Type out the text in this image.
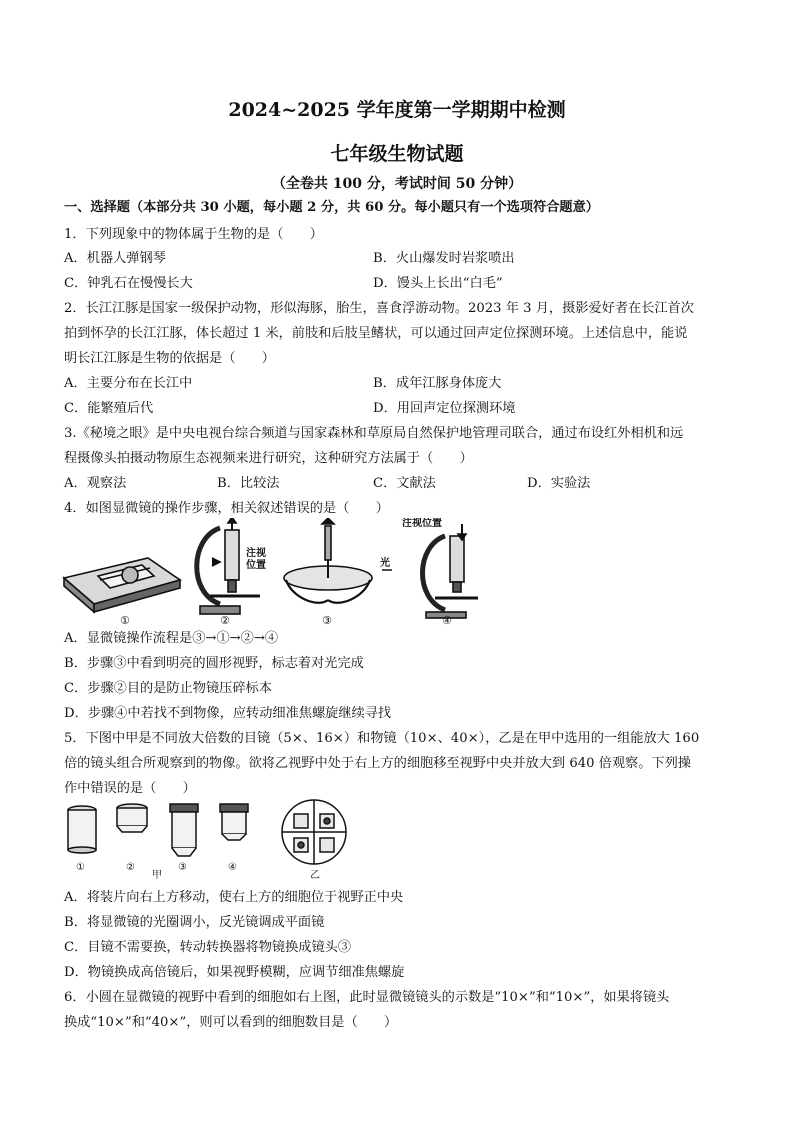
2024~2025 学年度第一学期期中检测
七年级生物试题
（全卷共 100 分，考试时间 50 分钟）
一、选择题（本部分共 30 小题，每小题 2 分，共 60 分。每小题只有一个选项符合题意）
1．下列现象中的物体属于生物的是（　　）
A．机器人弹钢琴	B．火山爆发时岩浆喷出
C．钟乳石在慢慢长大	D．馒头上长出“白毛”
2．长江江豚是国家一级保护动物，形似海豚，胎生，喜食浮游动物。2023 年 3 月，摄影爱好者在长江首次
拍到怀孕的长江江豚，体长超过 1 米，前肢和后肢呈鳍状，可以通过回声定位探测环境。上述信息中，能说
明长江江豚是生物的依据是（　　）
A．主要分布在长江中	B．成年江豚身体庞大
C．能繁殖后代	D．用回声定位探测环境
3.《秘境之眼》是中央电视台综合频道与国家森林和草原局自然保护地管理司联合，通过布设红外相机和远
程摄像头拍摄动物原生态视频来进行研究，这种研究方法属于（　　）
A．观察法	B．比较法	C．文献法	D．实验法
4．如图显微镜的操作步骤，相关叙述错误的是（　　）
注视位置
注视
位置	光
①	②	③	④
A．显微镜操作流程是③→①→②→④
B．步骤③中看到明亮的圆形视野，标志着对光完成
C．步骤②目的是防止物镜压碎标本
D．步骤④中若找不到物像，应转动细准焦螺旋继续寻找
5．下图中甲是不同放大倍数的目镜（5×、16×）和物镜（10×、40×），乙是在甲中选用的一组能放大 160
倍的镜头组合所观察到的物像。欲将乙视野中处于右上方的细胞移至视野中央并放大到 640 倍观察。下列操
作中错误的是（　　）
①	②	③	④
甲	乙
A．将装片向右上方移动，使右上方的细胞位于视野正中央
B．将显微镜的光圈调小，反光镜调成平面镜
C．目镜不需要换，转动转换器将物镜换成镜头③
D．物镜换成高倍镜后，如果视野模糊，应调节细准焦螺旋
6．小圆在显微镜的视野中看到的细胞如右上图，此时显微镜镜头的示数是“10×”和“10×”，如果将镜头
换成“10×”和“40×”，则可以看到的细胞数目是（　　）
